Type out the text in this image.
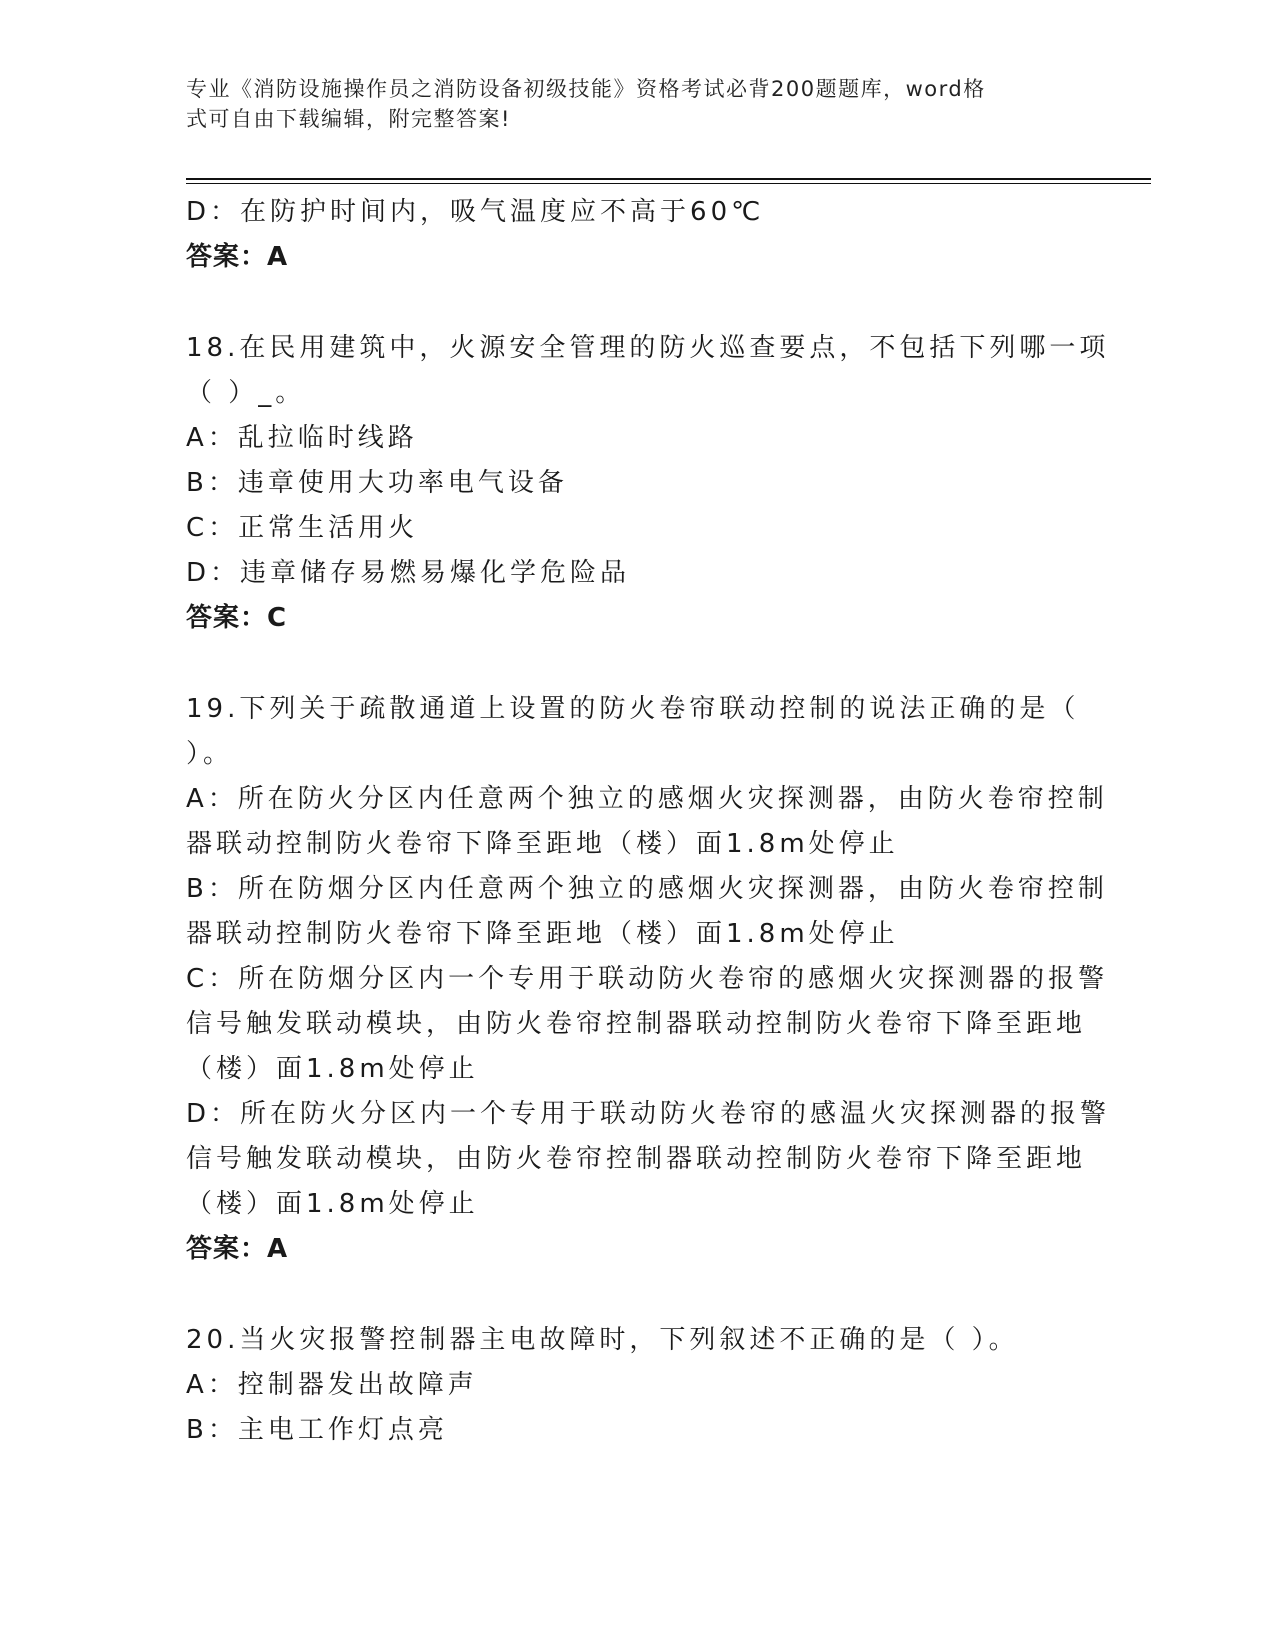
专业《消防设施操作员之消防设备初级技能》资格考试必背200题题库，word格
式可自由下载编辑，附完整答案!
D：在防护时间内，吸气温度应不高于60℃
答案：A
18.在民用建筑中，火源安全管理的防火巡查要点，不包括下列哪一项
（ ）_。
A：乱拉临时线路
B：违章使用大功率电气设备
C：正常生活用火
D：违章储存易燃易爆化学危险品
答案：C
19.下列关于疏散通道上设置的防火卷帘联动控制的说法正确的是（
）。
A：所在防火分区内任意两个独立的感烟火灾探测器，由防火卷帘控制
器联动控制防火卷帘下降至距地（楼）面1.8m处停止
B：所在防烟分区内任意两个独立的感烟火灾探测器，由防火卷帘控制
器联动控制防火卷帘下降至距地（楼）面1.8m处停止
C：所在防烟分区内一个专用于联动防火卷帘的感烟火灾探测器的报警
信号触发联动模块，由防火卷帘控制器联动控制防火卷帘下降至距地
（楼）面1.8m处停止
D：所在防火分区内一个专用于联动防火卷帘的感温火灾探测器的报警
信号触发联动模块，由防火卷帘控制器联动控制防火卷帘下降至距地
（楼）面1.8m处停止
答案：A
20.当火灾报警控制器主电故障时，下列叙述不正确的是（ ）。
A：控制器发出故障声
B：主电工作灯点亮
